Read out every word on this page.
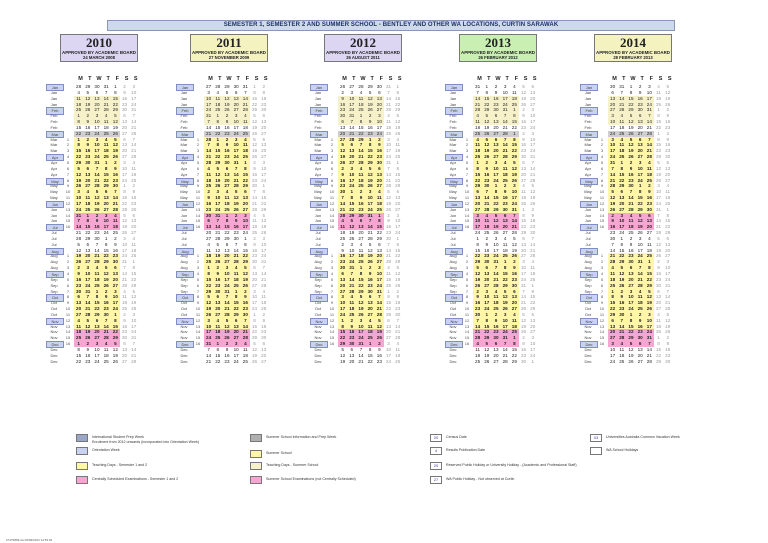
SEMESTER 1, SEMESTER 2 AND SUMMER SCHOOL - BENTLEY AND OTHER WA LOCATIONS, CURTIN SARAWAK
2010
APPROVED BY ACADEMIC BOARD
24 MARCH 2008
M T W T F S S
2011
APPROVED BY ACADEMIC BOARD
27 NOVEMBER 2009
M T W T F S S
2012
APPROVED BY ACADEMIC BOARD
26 AUGUST 2011
M T W T F S S
2013
APPROVED BY ACADEMIC BOARD
26 FEBRUARY 2012
M T W T F S S
2014
APPROVED BY ACADEMIC BOARD
28 FEBRUARY 2013
M T W T F S S
Jan	28 29 30 31 1 2 3
Jan	4 5 6 7 8 9 10
Jan	11 12 13 14 15 16 17
Jan	18 19 20 21 22 23 24
Feb	25 26 27 28 29 30 31
Feb	1 2 3 4 5 6 7
Feb	8 9 10 11 12 13 14
Feb	15 16 17 18 19 20 21
Mar	22 23 24 25 26 27 28
Mar	1	1 2 3 4 5 6 7
Mar	2	8 9 10 11 12 13 14
Mar	3	15 16 17 18 19 20 21
Apr	4	22 23 24 25 26 27 28
Apr	5	29 30 31 1 2 3 4
Apr	6	5 6 7 8 9 10 11
Apr	7	12 13 14 15 16 17 18
May	8	19 20 21 22 23 24 25
May	9	26 27 28 29 30 1 2
May	10	3 4 5 6 7 8 9
May	11	10 11 12 13 14 15 16
Jun	12	17 18 19 20 21 22 23
Jun	13	24 25 26 27 28 29 30
Jun	14	31 1 2 3 4 5 6
Jun	15	7 8 9 10 11 12 13
Jul	16	14 15 16 17 18 19 20
Jul	21 22 23 24 25 26 27
Jul	28 29 30 1 2 3 4
Jul	5 6 7 8 9 10 11
Aug	12 13 14 15 16 17 18
Aug	1	19 20 21 22 23 24 25
Aug	2	26 27 28 29 30 31 1
Aug	3	2 3 4 5 6 7 8
Sep	4	9 10 11 12 13 14 15
Sep	5	16 17 18 19 20 21 22
Sep	6	23 24 25 26 27 28 29
Sep	7	30 31 1 2 3 4 5
Oct	8	6 7 8 9 10 11 12
Oct	9	13 14 15 16 17 18 19
Oct	10	20 21 22 23 24 25 26
Oct	11	27 28 29 30 1 2 3
Nov	12	4 5 6 7 8 9 10
Nov	13	11 12 13 14 15 16 17
Nov	14	18 19 20 21 22 23 24
Nov	15	25 26 27 28 29 30 31
Dec	16	1 2 3 4 5 6 7
Dec	8 9 10 11 12 13 14
Dec	15 16 17 18 19 20 21
Dec	22 23 24 25 26 27 28
Jan	27 28 29 30 31 1 2
Jan	3 4 5 6 7 8 9
Jan	10 11 12 13 14 15 16
Jan	17 18 19 20 21 22 23
Feb	24 25 26 27 28 29 30
Feb	31 1 2 3 4 5 6
Feb	7 8 9 10 11 12 13
Feb	14 15 16 17 18 19 20
Mar	21 22 23 24 25 26 27
Mar	1	28 1 2 3 4 5 6
Mar	2	7 8 9 10 11 12 13
Mar	3	14 15 16 17 18 19 20
Apr	4	21 22 23 24 25 26 27
Apr	5	28 29 30 31 1 2 3
Apr	6	4 5 6 7 8 9 10
Apr	7	11 12 13 14 15 16 17
May	8	18 19 20 21 22 23 24
May	9	25 26 27 28 29 30 1
May	10	2 3 4 5 6 7 8
May	11	9 10 11 12 13 14 15
Jun	12	16 17 18 19 20 21 22
Jun	13	23 24 25 26 27 28 29
Jun	14	30 31 1 2 3 4 5
Jun	15	6 7 8 9 10 11 12
Jul	16	13 14 15 16 17 18 19
Jul	20 21 22 23 24 25 26
Jul	27 28 29 30 1 2 3
Jul	4 5 6 7 8 9 10
Aug	11 12 13 14 15 16 17
Aug	1	18 19 20 21 22 23 24
Aug	2	25 26 27 28 29 30 31
Aug	3	1 2 3 4 5 6 7
Sep	4	8 9 10 11 12 13 14
Sep	5	15 16 17 18 19 20 21
Sep	6	22 23 24 25 26 27 28
Sep	7	29 30 31 1 2 3 4
Oct	8	5 6 7 8 9 10 11
Oct	9	12 13 14 15 16 17 18
Oct	10	19 20 21 22 23 24 25
Oct	11	26 27 28 29 30 1 2
Nov	12	3 4 5 6 7 8 9
Nov	13	10 11 12 13 14 15 16
Nov	14	17 18 19 20 21 22 23
Nov	15	24 25 26 27 28 29 30
Dec	16	31 1 2 3 4 5 6
Dec	7 8 9 10 11 12 13
Dec	14 15 16 17 18 19 20
Dec	21 22 23 24 25 26 27
Jan	26 27 28 29 30 31 1
Jan	2 3 4 5 6 7 8
Jan	9 10 11 12 13 14 15
Jan	16 17 18 19 20 21 22
Feb	23 24 25 26 27 28 29
Feb	30 31 1 2 3 4 5
Feb	6 7 8 9 10 11 12
Feb	13 14 15 16 17 18 19
Mar	20 21 22 23 24 25 26
Mar	1	27 28 29 1 2 3 4
Mar	2	5 6 7 8 9 10 11
Mar	3	12 13 14 15 16 17 18
Apr	4	19 20 21 22 23 24 25
Apr	5	26 27 28 29 30 31 1
Apr	6	2 3 4 5 6 7 8
Apr	7	9 10 11 12 13 14 15
May	8	16 17 18 19 20 21 22
May	9	23 24 25 26 27 28 29
May	10	30 1 2 3 4 5 6
May	11	7 8 9 10 11 12 13
Jun	12	14 15 16 17 18 19 20
Jun	13	21 22 23 24 25 26 27
Jun	14	28 29 30 31 1 2 3
Jun	15	4 5 6 7 8 9 10
Jul	16	11 12 13 14 15 16 17
Jul	18 19 20 21 22 23 24
Jul	25 26 27 28 29 30 1
Jul	2 3 4 5 6 7 8
Aug	9 10 11 12 13 14 15
Aug	1	16 17 18 19 20 21 22
Aug	2	23 24 25 26 27 28 29
Aug	3	30 31 1 2 3 4 5
Sep	4	6 7 8 9 10 11 12
Sep	5	13 14 15 16 17 18 19
Sep	6	20 21 22 23 24 25 26
Sep	7	27 28 29 30 31 1 2
Oct	8	3 4 5 6 7 8 9
Oct	9	10 11 12 13 14 15 16
Oct	10	17 18 19 20 21 22 23
Oct	11	24 25 26 27 28 29 30
Nov	12	1 2 3 4 5 6 7
Nov	13	8 9 10 11 12 13 14
Nov	14	15 16 17 18 19 20 21
Nov	15	22 23 24 25 26 27 28
Dec	16	29 30 31 1 2 3 4
Dec	5 6 7 8 9 10 11
Dec	12 13 14 15 16 17 18
Dec	19 20 21 22 23 24 25
Jan	31 1 2 3 4 5 6
Jan	7 8 9 10 11 12 13
Jan	14 15 16 17 18 19 20
Jan	21 22 23 24 25 26 27
Feb	28 29 30 31 1 2 3
Feb	4 5 6 7 8 9 10
Feb	11 12 13 14 15 16 17
Feb	18 19 20 21 22 23 24
Mar	25 26 27 28 1 2 3
Mar	1	4 5 6 7 8 9 10
Mar	2	11 12 13 14 15 16 17
Mar	3	18 19 20 21 22 23 24
Apr	4	25 26 27 28 29 30 31
Apr	5	1 2 3 4 5 6 7
Apr	6	8 9 10 11 12 13 14
Apr	7	15 16 17 18 19 20 21
May	8	22 23 24 25 26 27 28
May	9	29 30 1 2 3 4 5
May	10	6 7 8 9 10 11 12
May	11	13 14 15 16 17 18 19
Jun	12	20 21 22 23 24 25 26
Jun	13	27 28 29 30 31 1 2
Jun	14	3 4 5 6 7 8 9
Jun	15	10 11 12 13 14 15 16
Jul	16	17 18 19 20 21 22 23
Jul	24 25 26 27 28 29 30
Jul	1 2 3 4 5 6 7
Jul	8 9 10 11 12 13 14
Aug	15 16 17 18 19 20 21
Aug	1	22 23 24 25 26 27 28
Aug	2	29 30 31 1 2 3 4
Aug	3	5 6 7 8 9 10 11
Sep	4	12 13 14 15 16 17 18
Sep	5	19 20 21 22 23 24 25
Sep	6	26 27 28 29 30 31 1
Sep	7	2 3 4 5 6 7 8
Oct	8	9 10 11 12 13 14 15
Oct	9	16 17 18 19 20 21 22
Oct	10	23 24 25 26 27 28 29
Oct	11	30 1 2 3 4 5 6
Nov	12	7 8 9 10 11 12 13
Nov	13	14 15 16 17 18 19 20
Nov	14	21 22 23 24 25 26 27
Nov	15	28 29 30 31 1 2 3
Dec	16	4 5 6 7 8 9 10
Dec	11 12 13 14 15 16 17
Dec	18 19 20 21 22 23 24
Dec	25 26 27 28 29 30 1
Jan	30 31 1 2 3 4 5
Jan	6 7 8 9 10 11 12
Jan	13 14 15 16 17 18 19
Jan	20 21 22 23 24 25 26
Feb	27 28 29 30 31 1 2
Feb	3 4 5 6 7 8 9
Feb	10 11 12 13 14 15 16
Feb	17 18 19 20 21 22 23
Mar	24 25 26 27 28 1 2
Mar	1	3 4 5 6 7 8 9
Mar	2	10 11 12 13 14 15 16
Mar	3	17 18 19 20 21 22 23
Apr	4	24 25 26 27 28 29 30
Apr	5	31 1 2 3 4 5 6
Apr	6	7 8 9 10 11 12 13
Apr	7	14 15 16 17 18 19 20
May	8	21 22 23 24 25 26 27
May	9	28 29 30 1 2 3 4
May	10	5 6 7 8 9 10 11
May	11	12 13 14 15 16 17 18
Jun	12	19 20 21 22 23 24 25
Jun	13	26 27 28 29 30 31 1
Jun	14	2 3 4 5 6 7 8
Jun	15	9 10 11 12 13 14 15
Jul	16	16 17 18 19 20 21 22
Jul	23 24 25 26 27 28 29
Jul	30 1 2 3 4 5 6
Jul	7 8 9 10 11 12 13
Aug	14 15 16 17 18 19 20
Aug	1	21 22 23 24 25 26 27
Aug	2	28 29 30 31 1 2 3
Aug	3	4 5 6 7 8 9 10
Sep	4	11 12 13 14 15 16 17
Sep	5	18 19 20 21 22 23 24
Sep	6	25 26 27 28 29 30 31
Sep	7	1 2 3 4 5 6 7
Oct	8	8 9 10 11 12 13 14
Oct	9	15 16 17 18 19 20 21
Oct	10	22 23 24 25 26 27 28
Oct	11	29 30 1 2 3 4 5
Nov	12	6 7 8 9 10 11 12
Nov	13	13 14 15 16 17 18 19
Nov	14	20 21 22 23 24 25 26
Nov	15	27 28 29 30 31 1 2
Dec	16	3 4 5 6 7 8 9
Dec	10 11 12 13 14 15 16
Dec	17 18 19 20 21 22 23
Dec	24 25 26 27 28 29 30
International Student Prep Week
Enrolment from 2012 onwards (incorporated into Orientation Week)
Orientation Week
Teaching Days - Semester 1 and 2
Centrally Scheduled Examinations - Semester 1 and 2
Summer School Information and Prep Week
Summer School
Teaching Days - Summer School
Summer School Examinations (not Centrally Scheduled)
20	Census Date
4	Results Publication Date
20	Reserved Public Holiday or University Holiday - (Academic and Professional Staff)
27	WA Public Holiday - Not observed at Curtin
03	Universities Australia Common Vacation Week
WA School Holidays
27476869.xls 05/09/2014 14:53:34
